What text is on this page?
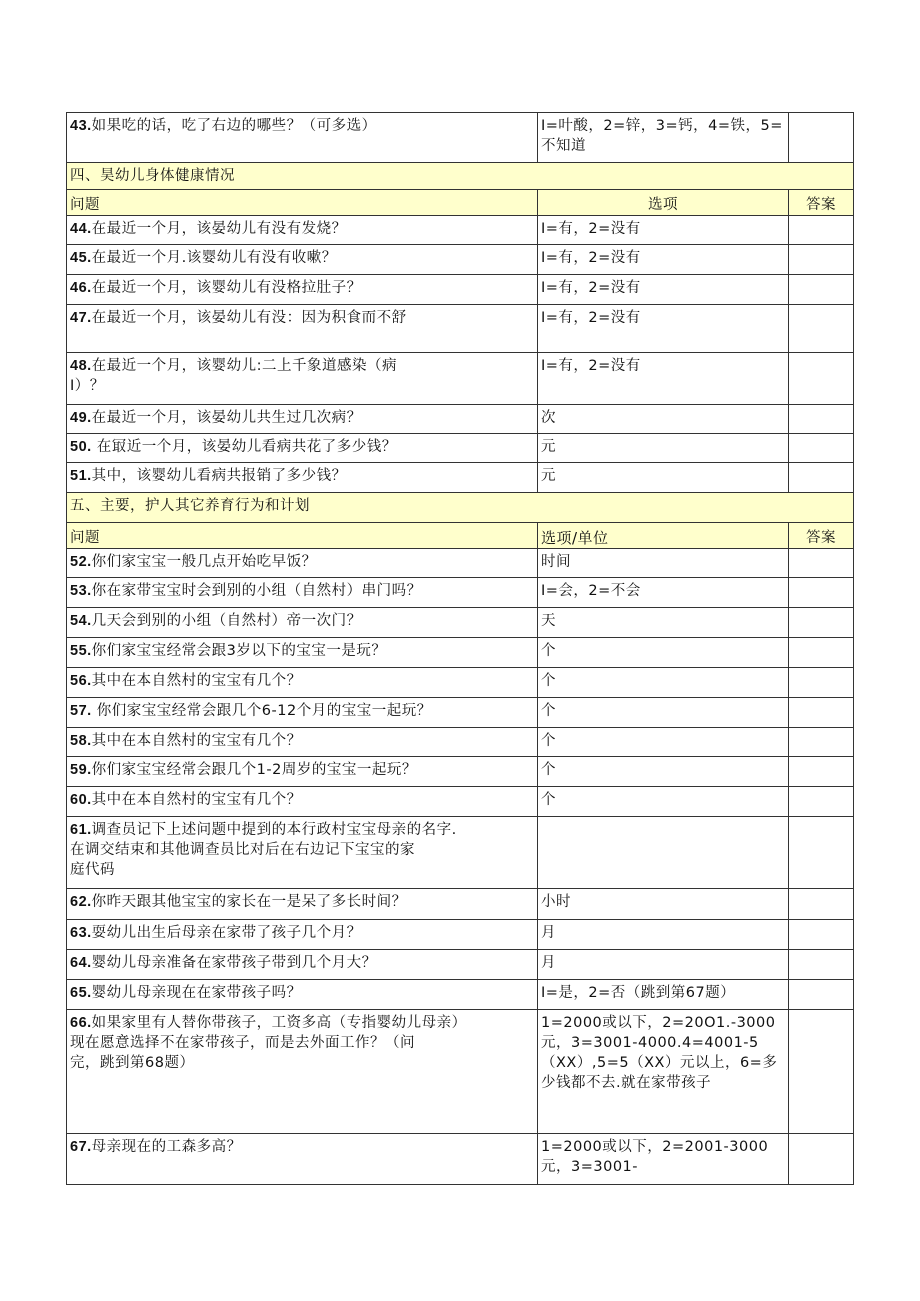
43.如果吃的话，吃了右边的哪些？（可多选）	I=叶酸，2=锌，3=钙，4=铁，5=不知道	
四、昊幼儿身体健康情况		
问题	选项	答案
44.在最近一个月，该晏幼儿有没有发烧？	I=有，2=没有	
45.在最近一个月.该婴幼儿有没有收嗽？	I=有，2=没有	
46.在最近一个月，该婴幼儿有没格拉肚子？	I=有，2=没有	
47.在最近一个月，该晏幼儿有没：因为积食而不舒	I=有，2=没有	
48.在最近一个月，该婴幼儿:二上千象道感染（病
I）？	I=有，2=没有	
49.在最近一个月，该晏幼儿共生过几次病？	次	
50. 在冣近一个月，该晏幼儿看病共花了多少钱？	元	
51.其中，该婴幼儿看病共报销了多少钱？	元	
五、主要，护人其它养育行为和计划		
问题	选项/单位	答案
52.你们家宝宝一般几点开始吃早饭？	时间	
53.你在家带宝宝时会到别的小组（自然村）串门吗？	I=会，2=不会	
54.几天会到别的小组（自然村）帝一次门？	天	
55.你们家宝宝经常会跟3岁以下的宝宝一是玩？	个	
56.其中在本自然村的宝宝有几个？	个	
57. 你们家宝宝经常会跟几个6-12个月的宝宝一起玩？	个	
58.其中在本自然村的宝宝有几个？	个	
59.你们家宝宝经常会跟几个1-2周岁的宝宝一起玩？	个	
60.其中在本自然村的宝宝有几个？	个	
61.调查员记下上述问题中提到的本行政村宝宝母亲的名字.
在调交结束和其他调查员比对后在右边记下宝宝的家
庭代码		
62.你昨天跟其他宝宝的家长在一是呆了多长时间？	小时	
63.耍幼儿出生后母亲在家带了孩子几个月？	月	
64.婴幼儿母亲准备在家带孩子带到几个月大？	月	
65.婴幼儿母亲现在在家带孩子吗？	I=是，2=否（跳到第67题）	
66.如果家里有人替你带孩子，工资多高（专指婴幼儿母亲）
现在愿意选择不在家带孩子，而是去外面工作？（问
完，跳到第68题）	1=2000或以下，2=20O1.-3000元，3=3001-4000.4=4001-5（XX）,5=5（XX）元以上，6=多少钱都不去.就在家带孩子	
67.母亲现在的工森多高？	1=2000或以下，2=2001-3000元，3=3001-	
